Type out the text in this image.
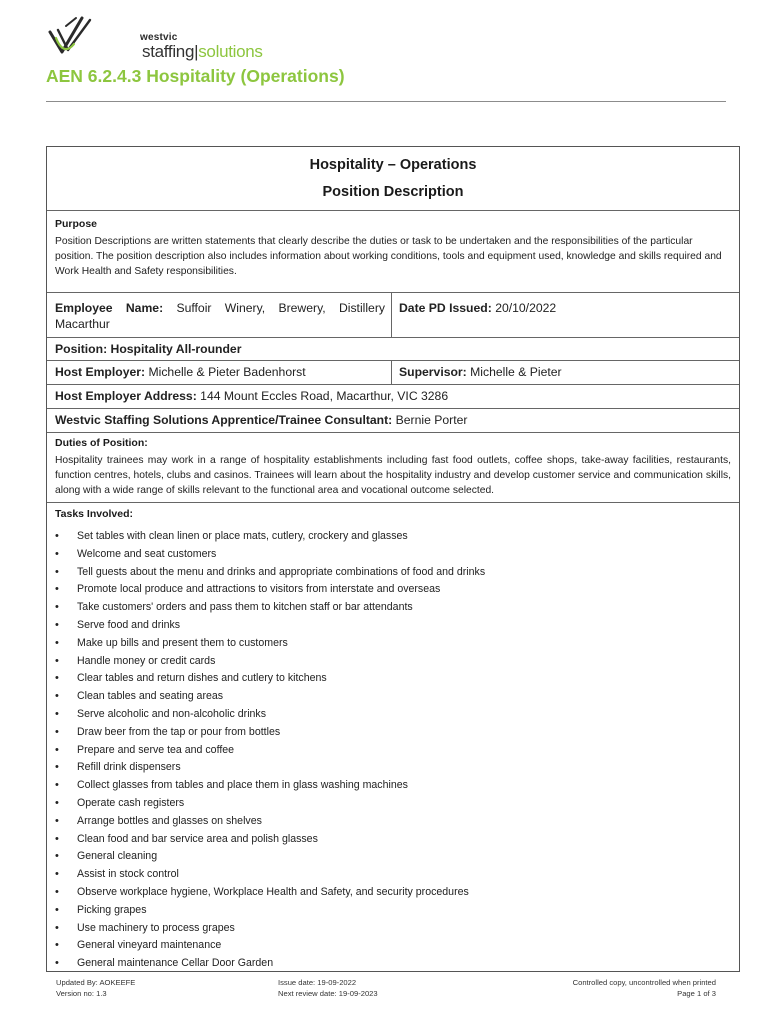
westvic
staffing|solutions
AEN 6.2.4.3 Hospitality (Operations)
Hospitality – Operations
Position Description
Purpose
Position Descriptions are written statements that clearly describe the duties or task to be undertaken and the responsibilities of the particular position. The position description also includes information about working conditions, tools and equipment used, knowledge and skills required and Work Health and Safety responsibilities.
Employee Name: Suffoir Winery, Brewery, Distillery Macarthur
Date PD Issued: 20/10/2022
Position: Hospitality All-rounder
Host Employer: Michelle & Pieter Badenhorst	Supervisor: Michelle & Pieter
Host Employer Address: 144 Mount Eccles Road, Macarthur, VIC 3286
Westvic Staffing Solutions Apprentice/Trainee Consultant: Bernie Porter
Duties of Position:
Hospitality trainees may work in a range of hospitality establishments including fast food outlets, coffee shops, take-away facilities, restaurants, function centres, hotels, clubs and casinos. Trainees will learn about the hospitality industry and develop customer service and communication skills, along with a wide range of skills relevant to the functional area and vocational outcome selected.
Tasks Involved:
• Set tables with clean linen or place mats, cutlery, crockery and glasses
• Welcome and seat customers
• Tell guests about the menu and drinks and appropriate combinations of food and drinks
• Promote local produce and attractions to visitors from interstate and overseas
• Take customers' orders and pass them to kitchen staff or bar attendants
• Serve food and drinks
• Make up bills and present them to customers
• Handle money or credit cards
• Clear tables and return dishes and cutlery to kitchens
• Clean tables and seating areas
• Serve alcoholic and non-alcoholic drinks
• Draw beer from the tap or pour from bottles
• Prepare and serve tea and coffee
• Refill drink dispensers
• Collect glasses from tables and place them in glass washing machines
• Operate cash registers
• Arrange bottles and glasses on shelves
• Clean food and bar service area and polish glasses
• General cleaning
• Assist in stock control
• Observe workplace hygiene, Workplace Health and Safety, and security procedures
• Picking grapes
• Use machinery to process grapes
• General vineyard maintenance
• General maintenance Cellar Door Garden
Updated By: AOKEEFE
Version no: 1.3
Issue date: 19-09-2022
Next review date: 19-09-2023
Controlled copy, uncontrolled when printed
Page 1 of 3
